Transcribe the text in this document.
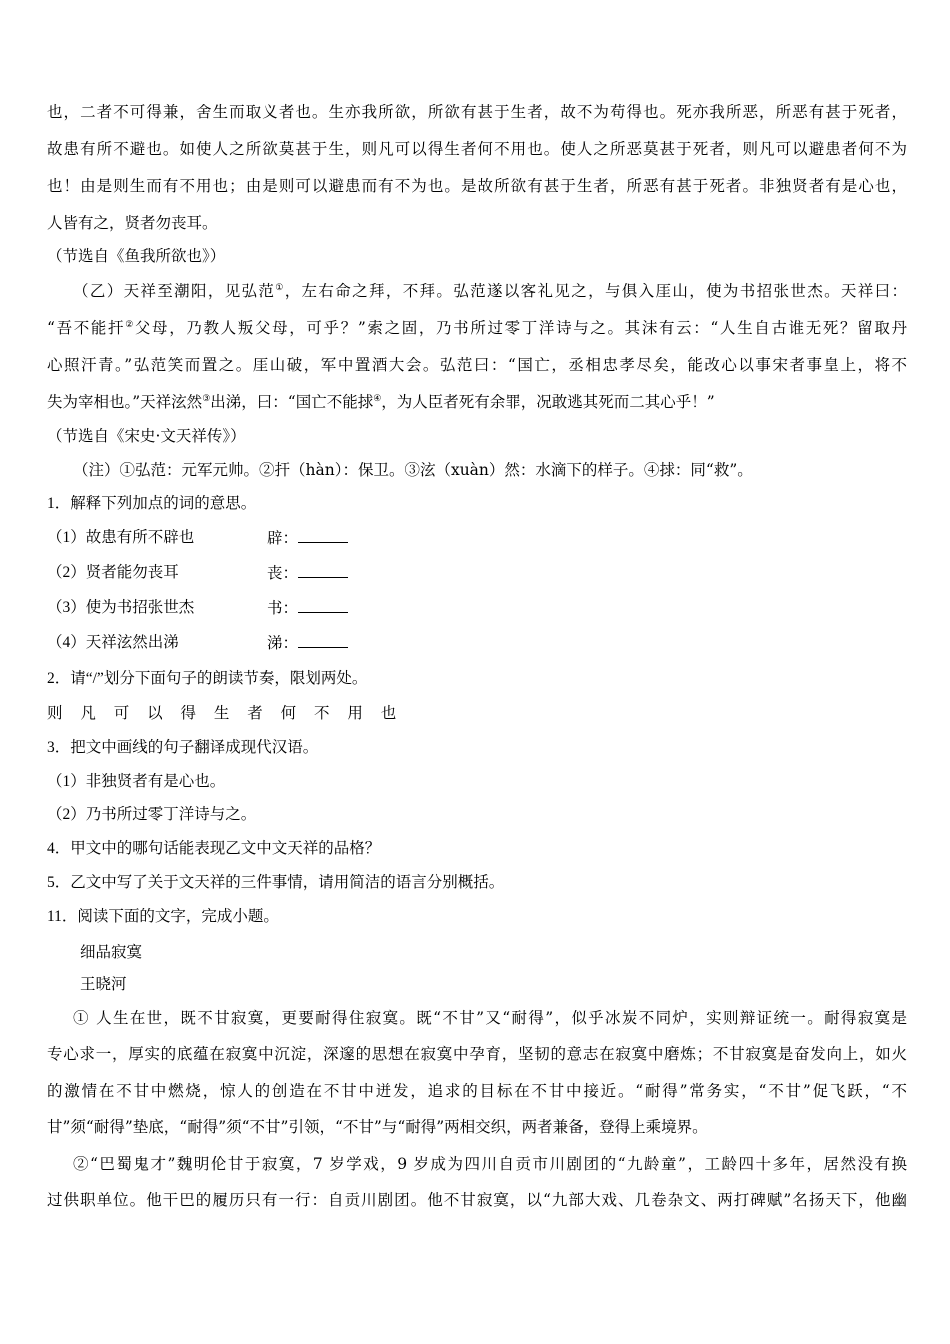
也，二者不可得兼，舍生而取义者也。生亦我所欲，所欲有甚于生者，故不为苟得也。死亦我所恶，所恶有甚于死者，
故患有所不避也。如使人之所欲莫甚于生，则凡可以得生者何不用也。使人之所恶莫甚于死者，则凡可以避患者何不为
也！由是则生而有不用也；由是则可以避患而有不为也。是故所欲有甚于生者，所恶有甚于死者。非独贤者有是心也，
人皆有之，贤者勿丧耳。
（节选自《鱼我所欲也》）
（乙）天祥至潮阳，见弘范①，左右命之拜，不拜。弘范遂以客礼见之，与俱入厓山，使为书招张世杰。天祥曰：
“吾不能扞②父母，乃教人叛父母，可乎？”索之固，乃书所过零丁洋诗与之。其沫有云：“人生自古谁无死？留取丹
心照汗青。”弘范笑而置之。厓山破，军中置酒大会。弘范曰：“国亡，丞相忠孝尽矣，能改心以事宋者事皇上，将不
失为宰相也。”天祥泫然③出涕，曰：“国亡不能捄④，为人臣者死有余罪，况敢逃其死而二其心乎！”
（节选自《宋史·文天祥传》）
（注）①弘范：元军元帅。②扞（hàn）：保卫。③泫（xuàn）然：水滴下的样子。④捄：同“救”。
1．解释下列加点的词的意思。
（1）故患有所不辟也	辟：
（2）贤者能勿丧耳	丧：
（3）使为书招张世杰	书：
（4）天祥泫然出涕	涕：
2．请“/”划分下面句子的朗读节奏，限划两处。
则 凡 可 以 得 生 者 何 不 用 也
3．把文中画线的句子翻译成现代汉语。
（1）非独贤者有是心也。
（2）乃书所过零丁洋诗与之。
4．甲文中的哪句话能表现乙文中文天祥的品格？
5．乙文中写了关于文天祥的三件事情，请用简洁的语言分别概括。
11．阅读下面的文字，完成小题。
细品寂寞
王晓河
① 人生在世，既不甘寂寞，更要耐得住寂寞。既“不甘”又“耐得”，似乎冰炭不同炉，实则辩证统一。耐得寂寞是
专心求一，厚实的底蕴在寂寞中沉淀，深邃的思想在寂寞中孕育，坚韧的意志在寂寞中磨炼；不甘寂寞是奋发向上，如火
的激情在不甘中燃烧，惊人的创造在不甘中迸发，追求的目标在不甘中接近。“耐得”常务实，“不甘”促飞跃，“不
甘”须“耐得”垫底，“耐得”须“不甘”引领，“不甘”与“耐得”两相交织，两者兼备，登得上乘境界。
②“巴蜀鬼才”魏明伦甘于寂寞，7 岁学戏，9 岁成为四川自贡市川剧团的“九龄童”，工龄四十多年，居然没有换
过供职单位。他干巴的履历只有一行：自贡川剧团。他不甘寂寞，以“九部大戏、几卷杂文、两打碑赋”名扬天下，他幽
